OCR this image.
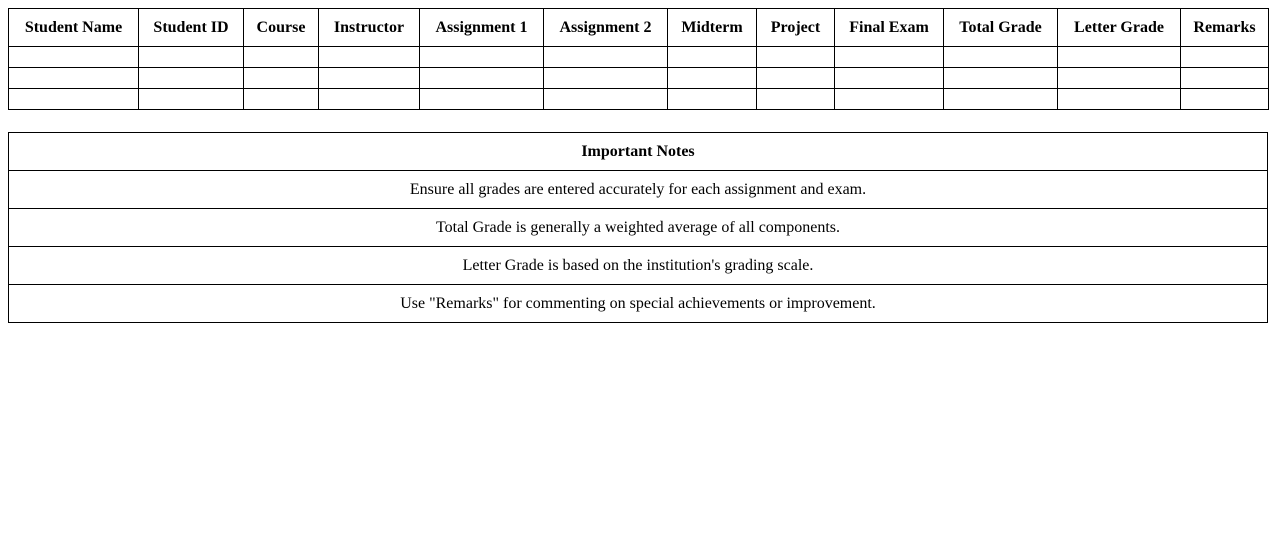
Student Name	Student ID	Course	Instructor	Assignment 1	Assignment 2	Midterm	Project	Final Exam	Total Grade	Letter Grade	Remarks

Important Notes
Ensure all grades are entered accurately for each assignment and exam.
Total Grade is generally a weighted average of all components.
Letter Grade is based on the institution's grading scale.
Use "Remarks" for commenting on special achievements or improvement.
